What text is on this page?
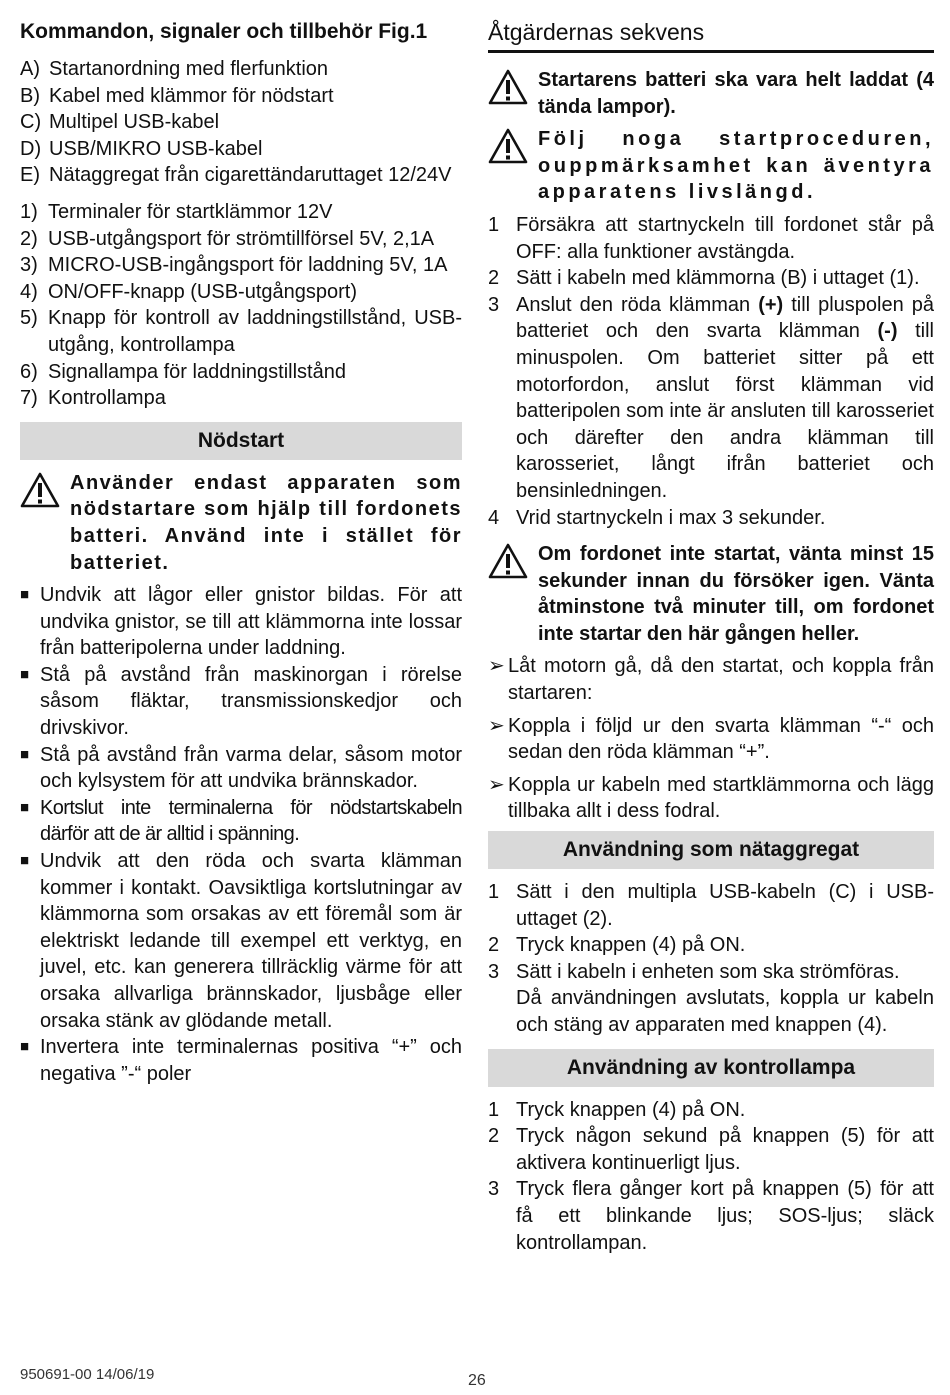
Kommandon, signaler och tillbehör Fig.1
A) Startanordning med flerfunktion
B) Kabel med klämmor för nödstart
C) Multipel USB-kabel
D) USB/MIKRO USB-kabel
E) Nätaggregat från cigarettändaruttaget 12/24V
1) Terminaler för startklämmor 12V
2) USB-utgångsport för strömtillförsel 5V, 2,1A
3) MICRO-USB-ingångsport för laddning 5V, 1A
4) ON/OFF-knapp (USB-utgångsport)
5) Knapp för kontroll av laddningstillstånd, USB-utgång, kontrollampa
6) Signallampa för laddningstillstånd
7) Kontrollampa
Nödstart
Använder endast apparaten som nödstartare som hjälp till fordonets batteri. Använd inte i stället för batteriet.
■ Undvik att lågor eller gnistor bildas. För att undvika gnistor, se till att klämmorna inte lossar från batteripolerna under laddning.
■ Stå på avstånd från maskinorgan i rörelse såsom fläktar, transmissionskedjor och drivskivor.
■ Stå på avstånd från varma delar, såsom motor och kylsystem för att undvika brännskador.
■ Kortslut inte terminalerna för nödstartskabeln därför att de är alltid i spänning.
■ Undvik att den röda och svarta klämman kommer i kontakt. Oavsiktliga kortslutningar av klämmorna som orsakas av ett föremål som är elektriskt ledande till exempel ett verktyg, en juvel, etc. kan generera tillräcklig värme för att orsaka allvarliga brännskador, ljusbåge eller orsaka stänk av glödande metall.
■ Invertera inte terminalernas positiva “+” och negativa ”-“ poler
Åtgärdernas sekvens
Startarens batteri ska vara helt laddat (4 tända lampor).
Följ noga startproceduren, ouppmärksamhet kan äventyra apparatens livslängd.
1 Försäkra att startnyckeln till fordonet står på OFF: alla funktioner avstängda.
2 Sätt i kabeln med klämmorna (B) i uttaget (1).
3 Anslut den röda klämman (+) till pluspolen på batteriet och den svarta klämman (-) till minuspolen. Om batteriet sitter på ett motorfordon, anslut först klämman vid batteripolen som inte är ansluten till karosseriet och därefter den andra klämman till karosseriet, långt ifrån batteriet och bensinledningen.
4 Vrid startnyckeln i max 3 sekunder.
Om fordonet inte startat, vänta minst 15 sekunder innan du försöker igen. Vänta åtminstone två minuter till, om fordonet inte startar den här gången heller.
➢ Låt motorn gå, då den startat, och koppla från startaren:
➢ Koppla i följd ur den svarta klämman “-“ och sedan den röda klämman “+”.
➢ Koppla ur kabeln med startklämmorna och lägg tillbaka allt i dess fodral.
Användning som nätaggregat
1 Sätt i den multipla USB-kabeln (C) i USB-uttaget (2).
2 Tryck knappen (4) på ON.
3 Sätt i kabeln i enheten som ska strömföras.
Då användningen avslutats, koppla ur kabeln och stäng av apparaten med knappen (4).
Användning av kontrollampa
1 Tryck knappen (4) på ON.
2 Tryck någon sekund på knappen (5) för att aktivera kontinuerligt ljus.
3 Tryck flera gånger kort på knappen (5) för att få ett blinkande ljus; SOS-ljus; släck kontrollampan.
950691-00 14/06/19	26
